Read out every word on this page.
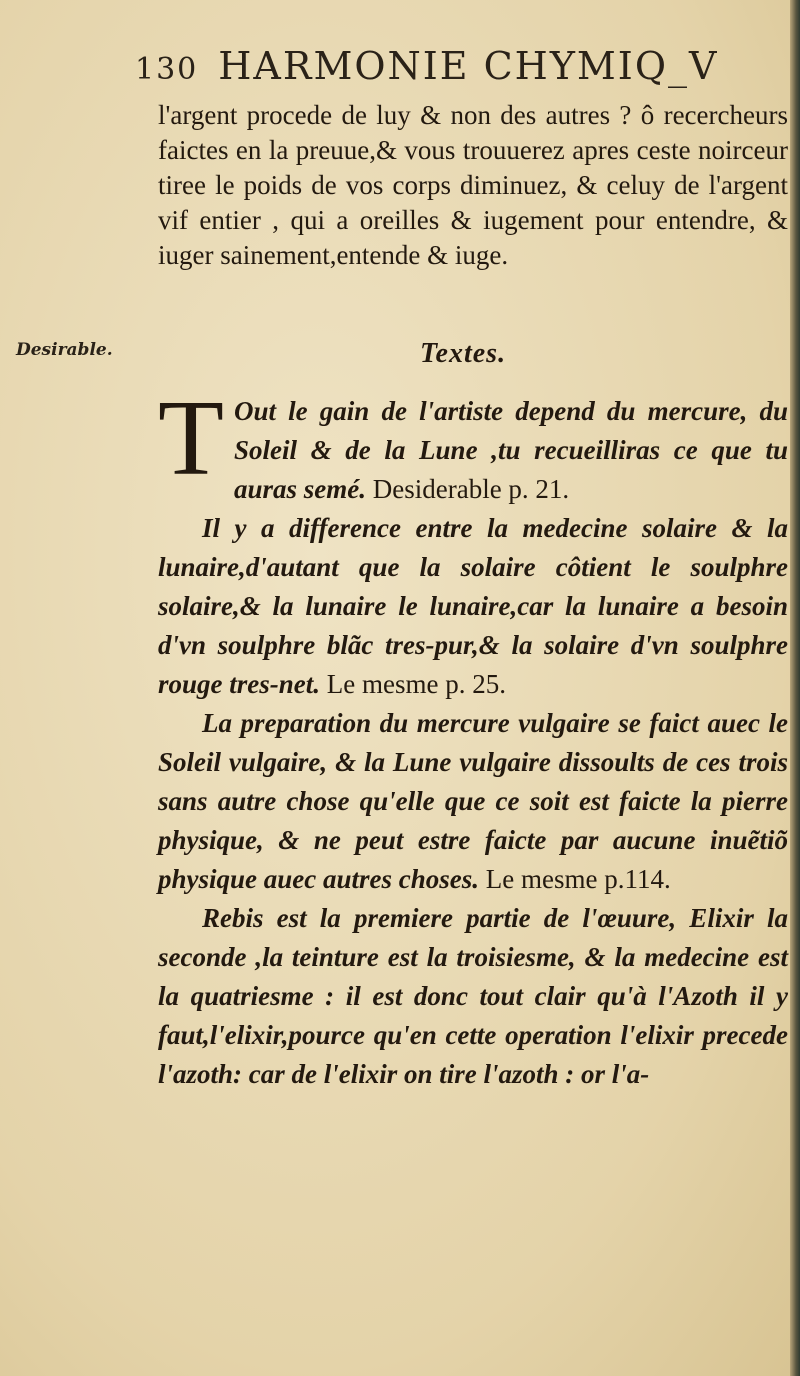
130 HARMONIE CHYMIQ_V
l'argent procede de luy & non des autres ? ô recercheurs faictes en la preuue,& vous trouuerez apres ceste noirceur tiree le poids de vos corps diminuez, & celuy de l'argent vif entier , qui a oreilles & iugement pour entendre, & iuger sainement,entende & iuge.
Desirable.	Textes.

T Out le gain de l'artiste depend du mercure, du Soleil & de la Lune ,tu recueilliras ce que tu auras semé. Desiderable p. 21.

Il y a difference entre la medecine solaire & la lunaire,d'autant que la solaire côtient le soulphre solaire,& la lunaire le lunaire,car la lunaire a besoin d'vn soulphre blãc tres-pur,& la solaire d'vn soulphre rouge tres-net. Le mesme p. 25.

La preparation du mercure vulgaire se faict auec le Soleil vulgaire, & la Lune vulgaire dissoults de ces trois sans autre chose qu'elle que ce soit est faicte la pierre physique, & ne peut estre faicte par aucune inuẽtiõ physique auec autres choses. Le mesme p.114.

Rebis est la premiere partie de l'œuure, Elixir la seconde ,la teinture est la troisiesme, & la medecine est la quatriesme : il est donc tout clair qu'à l'Azoth il y faut,l'elixir,pource qu'en cette operation l'elixir precede l'azoth: car de l'elixir on tire l'azoth : or l'a-
